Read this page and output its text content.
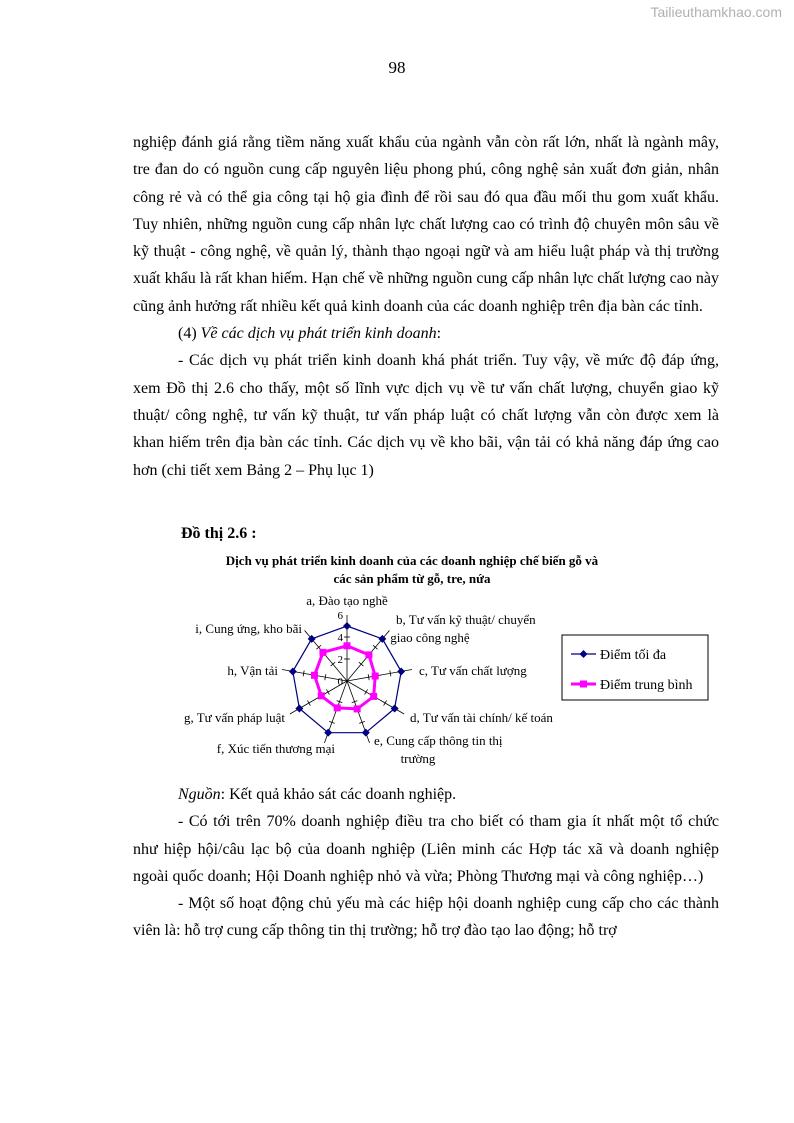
Tailieuthamkhao.com
98

nghiệp đánh giá rằng tiềm năng xuất khẩu của ngành vẫn còn rất lớn, nhất là ngành mây, tre đan do có nguồn cung cấp nguyên liệu phong phú, công nghệ sản xuất đơn giản, nhân công rẻ và có thể gia công tại hộ gia đình để rồi sau đó qua đầu mối thu gom xuất khẩu. Tuy nhiên, những nguồn cung cấp nhân lực chất lượng cao có trình độ chuyên môn sâu về kỹ thuật - công nghệ, về quản lý, thành thạo ngoại ngữ và am hiểu luật pháp và thị trường xuất khẩu là rất khan hiếm. Hạn chế về những nguồn cung cấp nhân lực chất lượng cao này cũng ảnh hưởng rất nhiều kết quả kinh doanh của các doanh nghiệp trên địa bàn các tỉnh.

(4) Về các dịch vụ phát triển kinh doanh:

- Các dịch vụ phát triển kinh doanh khá phát triển. Tuy vậy, về mức độ đáp ứng, xem Đồ thị 2.6 cho thấy, một số lĩnh vực dịch vụ về tư vấn chất lượng, chuyển giao kỹ thuật/ công nghệ, tư vấn kỹ thuật, tư vấn pháp luật có chất lượng vẫn còn được xem là khan hiếm trên địa bàn các tỉnh. Các dịch vụ về kho bãi, vận tải có khả năng đáp ứng cao hơn (chi tiết xem Bảng 2 – Phụ lục 1)

Đồ thị 2.6 :
Dịch vụ phát triển kinh doanh của các doanh nghiệp chế biến gỗ và
các sản phẩm từ gỗ, tre, nứa
0
2
4
6
a, Đào tạo nghề
b, Tư vấn kỹ thuật/ chuyển
giao công nghệ
c, Tư vấn chất lượng
d, Tư vấn tài chính/ kế toán
e, Cung cấp thông tin thị
trường
f, Xúc tiến thương mại
g, Tư vấn pháp luật
h, Vận tải
i, Cung ứng, kho bãi
Điểm tối đa
Điểm trung bình

Nguồn: Kết quả khảo sát các doanh nghiệp.

- Có tới trên 70% doanh nghiệp điều tra cho biết có tham gia ít nhất một tổ chức như hiệp hội/câu lạc bộ của doanh nghiệp (Liên minh các Hợp tác xã và doanh nghiệp ngoài quốc doanh; Hội Doanh nghiệp nhỏ và vừa; Phòng Thương mại và công nghiệp…)

- Một số hoạt động chủ yếu mà các hiệp hội doanh nghiệp cung cấp cho các thành viên là: hỗ trợ cung cấp thông tin thị trường; hỗ trợ đào tạo lao động; hỗ trợ
